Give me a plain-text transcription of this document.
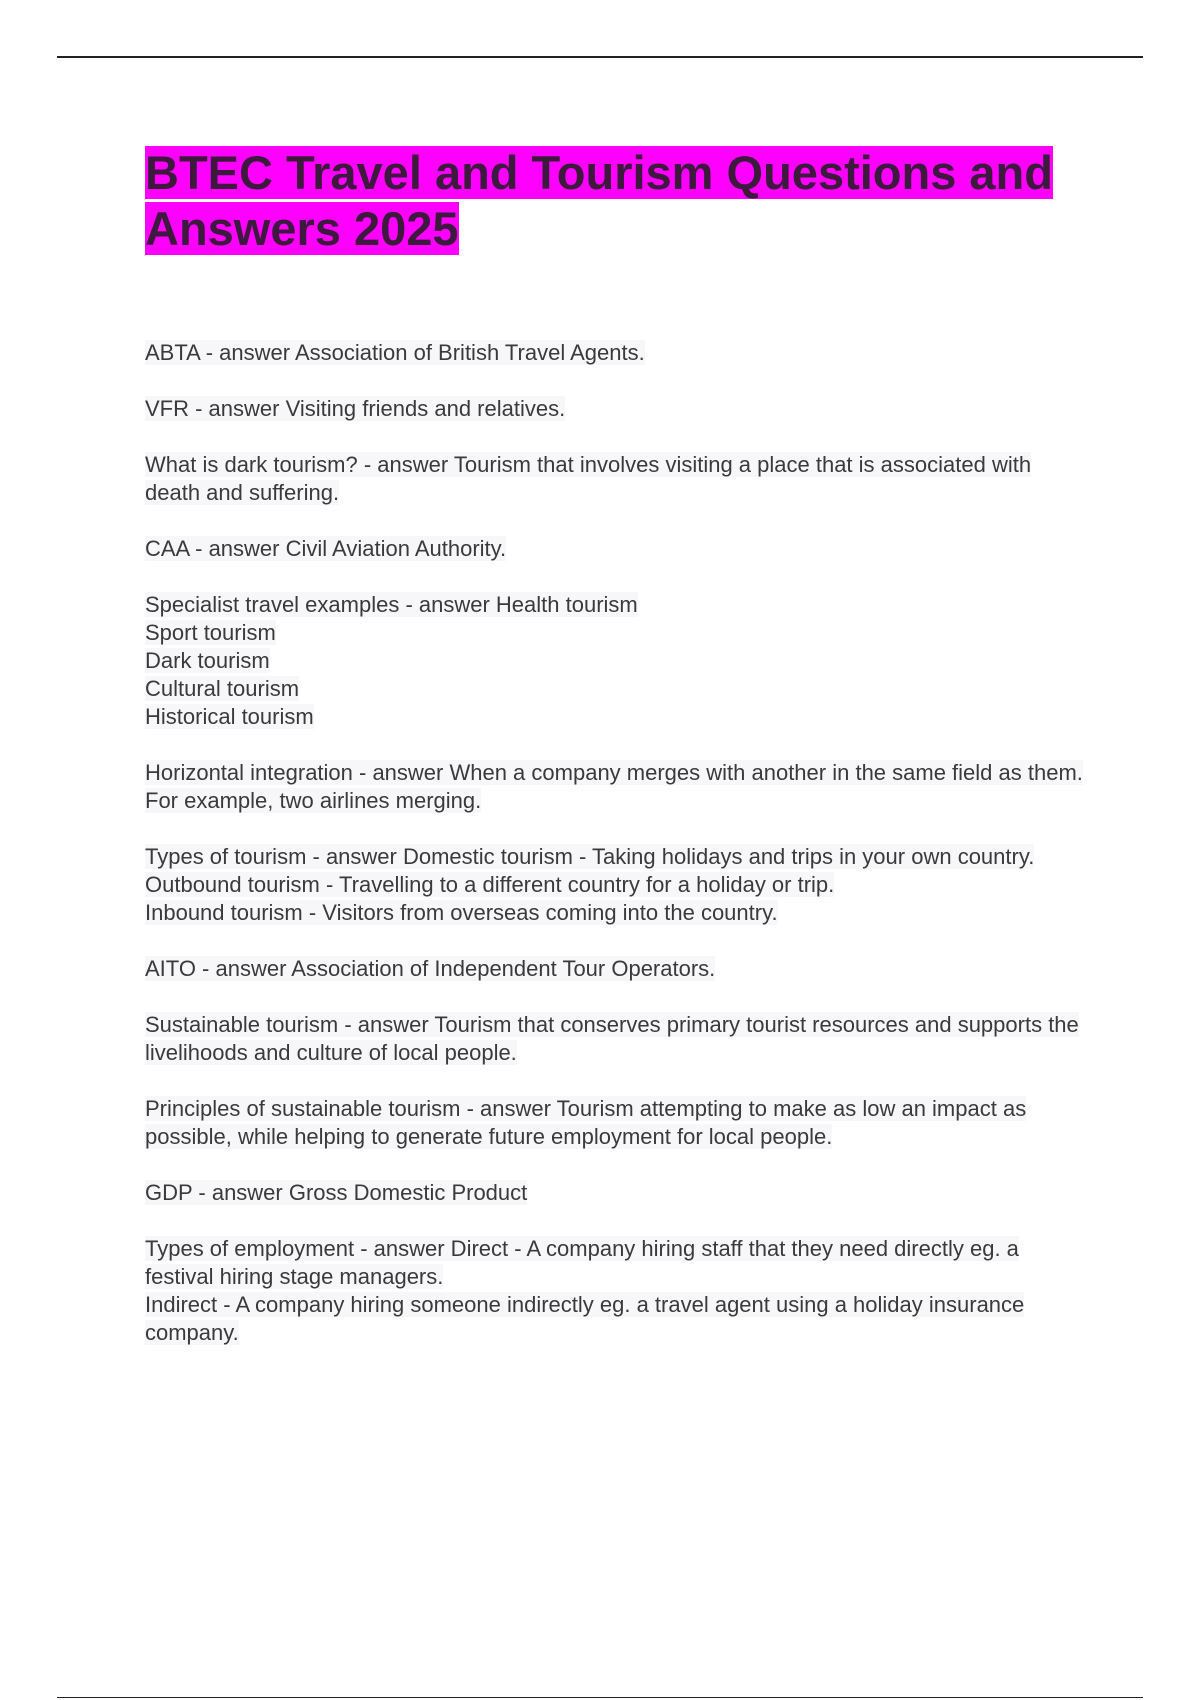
BTEC Travel and Tourism Questions and Answers 2025

ABTA - answer Association of British Travel Agents.

VFR - answer Visiting friends and relatives.

What is dark tourism? - answer Tourism that involves visiting a place that is associated with death and suffering.

CAA - answer Civil Aviation Authority.

Specialist travel examples - answer Health tourism
Sport tourism
Dark tourism
Cultural tourism
Historical tourism

Horizontal integration - answer When a company merges with another in the same field as them. For example, two airlines merging.

Types of tourism - answer Domestic tourism - Taking holidays and trips in your own country.
Outbound tourism - Travelling to a different country for a holiday or trip.
Inbound tourism - Visitors from overseas coming into the country.

AITO - answer Association of Independent Tour Operators.

Sustainable tourism - answer Tourism that conserves primary tourist resources and supports the livelihoods and culture of local people.

Principles of sustainable tourism - answer Tourism attempting to make as low an impact as possible, while helping to generate future employment for local people.

GDP - answer Gross Domestic Product

Types of employment - answer Direct - A company hiring staff that they need directly eg. a festival hiring stage managers.
Indirect - A company hiring someone indirectly eg. a travel agent using a holiday insurance company.
